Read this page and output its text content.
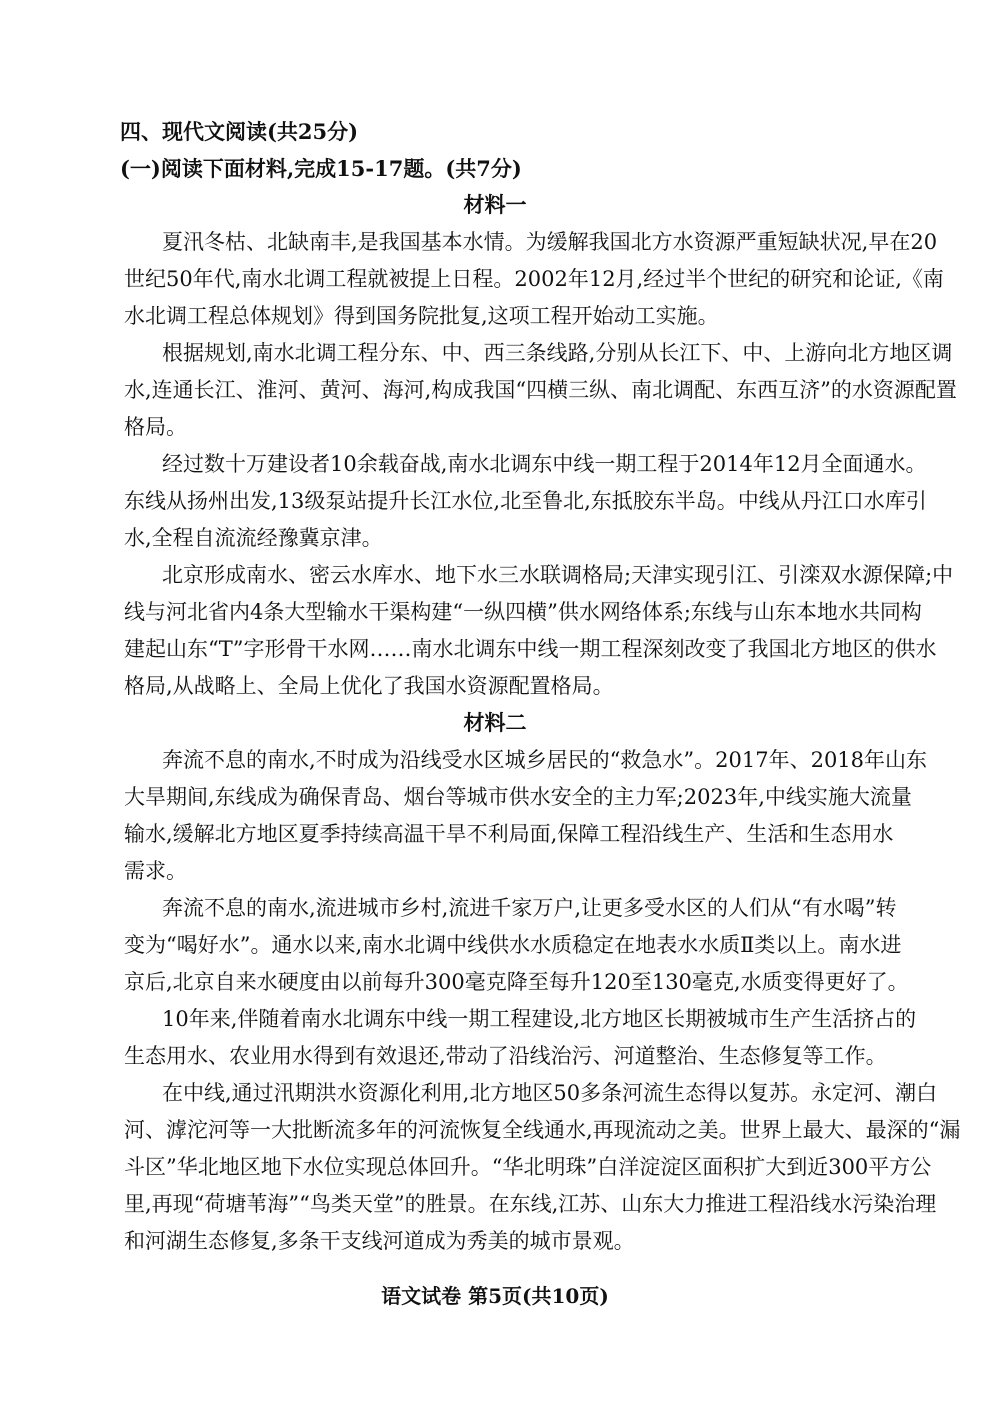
四、现代文阅读(共25分)
(一)阅读下面材料,完成15-17题。(共7分)
材料一
夏汛冬枯、北缺南丰,是我国基本水情。为缓解我国北方水资源严重短缺状况,早在20
世纪50年代,南水北调工程就被提上日程。2002年12月,经过半个世纪的研究和论证,《南
水北调工程总体规划》得到国务院批复,这项工程开始动工实施。
根据规划,南水北调工程分东、中、西三条线路,分别从长江下、中、上游向北方地区调
水,连通长江、淮河、黄河、海河,构成我国“四横三纵、南北调配、东西互济”的水资源配置
格局。
经过数十万建设者10余载奋战,南水北调东中线一期工程于2014年12月全面通水。
东线从扬州出发,13级泵站提升长江水位,北至鲁北,东抵胶东半岛。中线从丹江口水库引
水,全程自流流经豫冀京津。
北京形成南水、密云水库水、地下水三水联调格局;天津实现引江、引滦双水源保障;中
线与河北省内4条大型输水干渠构建“一纵四横”供水网络体系;东线与山东本地水共同构
建起山东“T”字形骨干水网……南水北调东中线一期工程深刻改变了我国北方地区的供水
格局,从战略上、全局上优化了我国水资源配置格局。
材料二
奔流不息的南水,不时成为沿线受水区城乡居民的“救急水”。2017年、2018年山东
大旱期间,东线成为确保青岛、烟台等城市供水安全的主力军;2023年,中线实施大流量
输水,缓解北方地区夏季持续高温干旱不利局面,保障工程沿线生产、生活和生态用水
需求。
奔流不息的南水,流进城市乡村,流进千家万户,让更多受水区的人们从“有水喝”转
变为“喝好水”。通水以来,南水北调中线供水水质稳定在地表水水质Ⅱ类以上。南水进
京后,北京自来水硬度由以前每升300毫克降至每升120至130毫克,水质变得更好了。
10年来,伴随着南水北调东中线一期工程建设,北方地区长期被城市生产生活挤占的
生态用水、农业用水得到有效退还,带动了沿线治污、河道整治、生态修复等工作。
在中线,通过汛期洪水资源化利用,北方地区50多条河流生态得以复苏。永定河、潮白
河、滹沱河等一大批断流多年的河流恢复全线通水,再现流动之美。世界上最大、最深的“漏
斗区”华北地区地下水位实现总体回升。“华北明珠”白洋淀淀区面积扩大到近300平方公
里,再现“荷塘苇海”“鸟类天堂”的胜景。在东线,江苏、山东大力推进工程沿线水污染治理
和河湖生态修复,多条干支线河道成为秀美的城市景观。
语文试卷 第5页(共10页)
